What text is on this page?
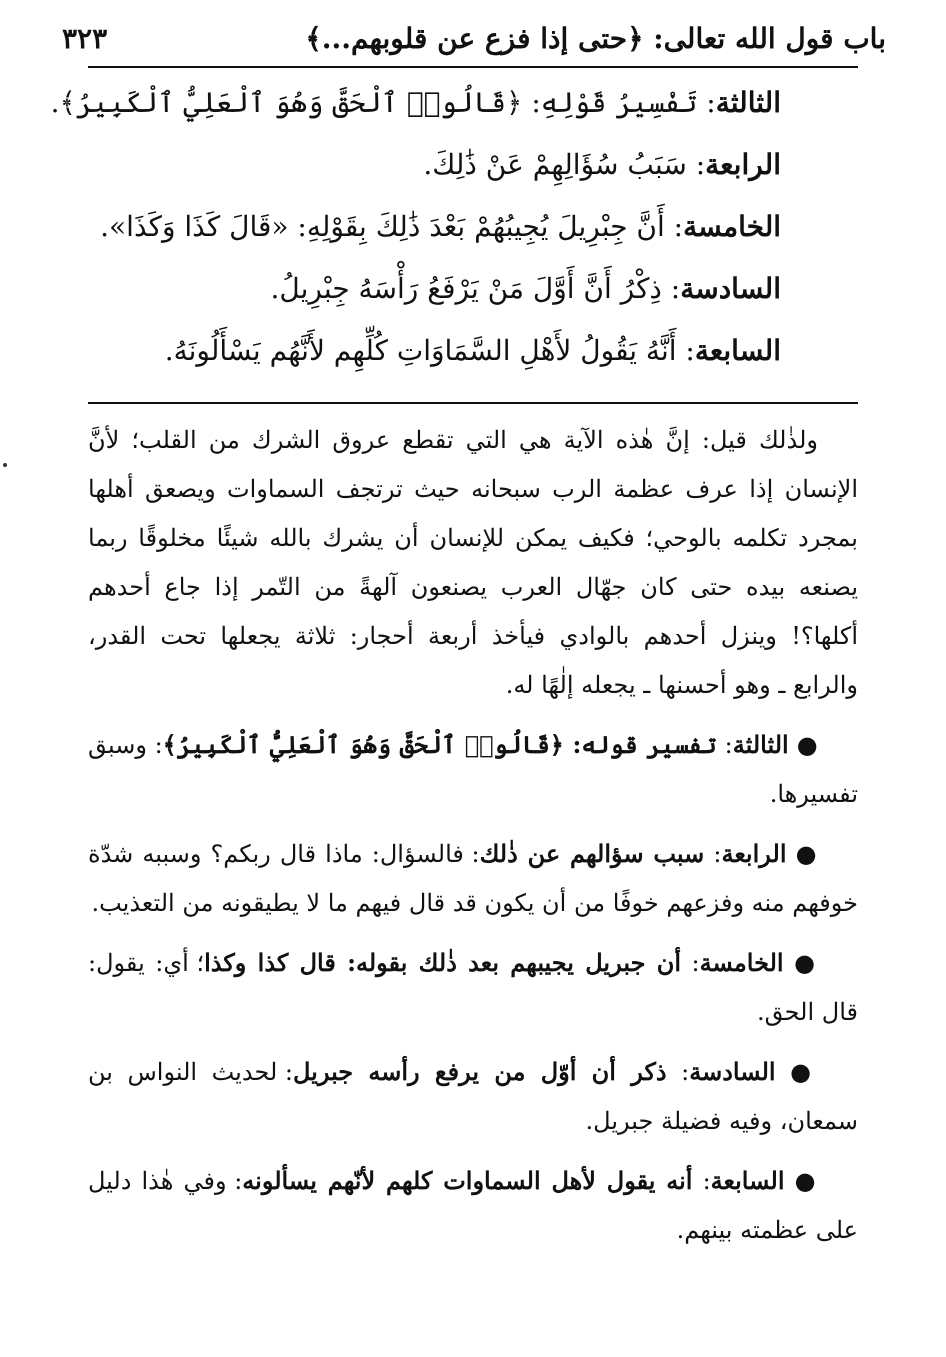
باب قول الله تعالى: ﴿حتى إذا فزع عن قلوبهم...﴾
٣٢٣
الثالثة: تَفْسِيرُ قَوْلِهِ: ﴿قَالُوا۟ ٱلْحَقَّ وَهُوَ ٱلْعَلِيُّ ٱلْكَبِيرُ﴾.
الرابعة: سَبَبُ سُؤَالِهِمْ عَنْ ذَٰلِكَ.
الخامسة: أَنَّ جِبْرِيلَ يُجِيبُهُمْ بَعْدَ ذَٰلِكَ بِقَوْلِهِ: «قَالَ كَذَا وَكَذَا».
السادسة: ذِكْرُ أَنَّ أَوَّلَ مَنْ يَرْفَعُ رَأْسَهُ جِبْرِيلُ.
السابعة: أَنَّهُ يَقُولُ لأَهْلِ السَّمَاوَاتِ كُلِّهِم لأَنَّهُم يَسْأَلُونَهُ.

ولذٰلك قيل: إنَّ هٰذه الآية هي التي تقطع عروق الشرك من القلب؛ لأنَّ الإنسان إذا عرف عظمة الرب سبحانه حيث ترتجف السماوات ويصعق أهلها بمجرد تكلمه بالوحي؛ فكيف يمكن للإنسان أن يشرك بالله شيئًا مخلوقًا ربما يصنعه بيده حتى كان جهّال العرب يصنعون آلهةً من التّمر إذا جاع أحدهم أكلها؟! وينزل أحدهم بالوادي فيأخذ أربعة أحجار: ثلاثة يجعلها تحت القدر، والرابع ـ وهو أحسنها ـ يجعله إلٰهًا له.

● الثالثة: تفسير قوله: ﴿قَالُوا۟ ٱلْحَقَّ وَهُوَ ٱلْعَلِيُّ ٱلْكَبِيرُ﴾: وسبق تفسيرها.

● الرابعة: سبب سؤالهم عن ذٰلك: فالسؤال: ماذا قال ربكم؟ وسببه شدّة خوفهم منه وفزعهم خوفًا من أن يكون قد قال فيهم ما لا يطيقونه من التعذيب.

● الخامسة: أن جبريل يجيبهم بعد ذٰلك بقوله: قال كذا وكذا؛ أي: يقول: قال الحق.

● السادسة: ذكر أن أوّل من يرفع رأسه جبريل: لحديث النواس بن سمعان، وفيه فضيلة جبريل.

● السابعة: أنه يقول لأهل السماوات كلهم لأنّهم يسألونه: وفي هٰذا دليل على عظمته بينهم.
